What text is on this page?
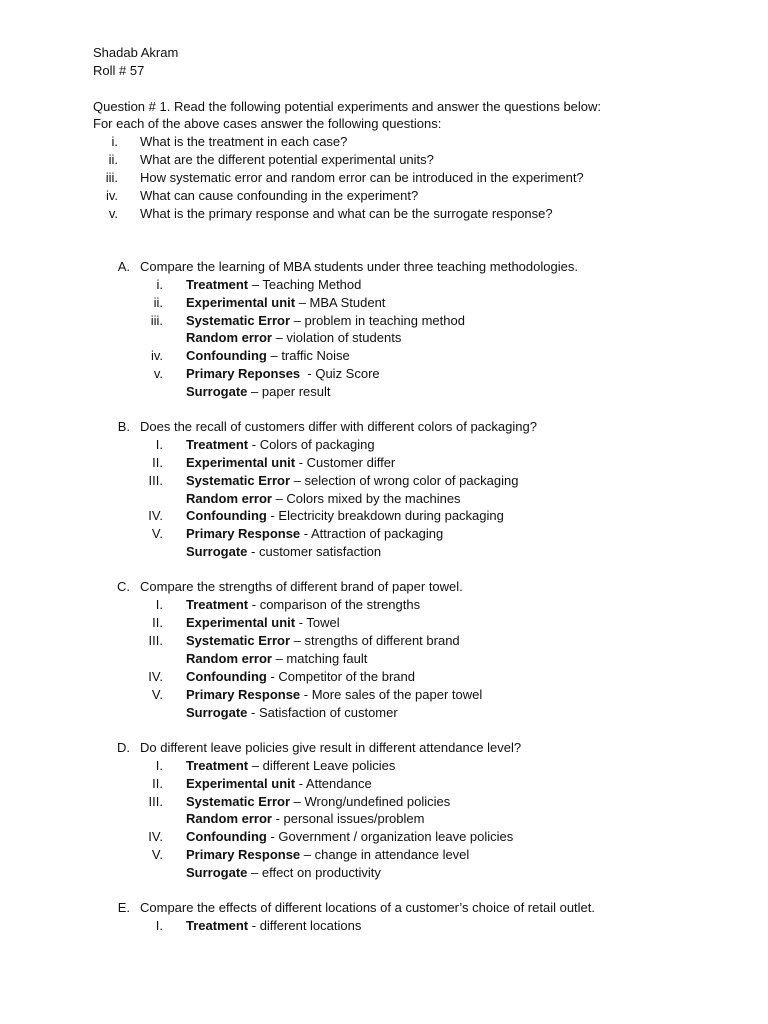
Shadab Akram
Roll # 57
Question # 1. Read the following potential experiments and answer the questions below:
For each of the above cases answer the following questions:
i. What is the treatment in each case?
ii. What are the different potential experimental units?
iii. How systematic error and random error can be introduced in the experiment?
iv. What can cause confounding in the experiment?
v. What is the primary response and what can be the surrogate response?
A. Compare the learning of MBA students under three teaching methodologies.
i. Treatment – Teaching Method
ii. Experimental unit – MBA Student
iii. Systematic Error – problem in teaching method
Random error – violation of students
iv. Confounding – traffic Noise
v. Primary Reponses  - Quiz Score
Surrogate – paper result
B. Does the recall of customers differ with different colors of packaging?
I. Treatment - Colors of packaging
II. Experimental unit - Customer differ
III. Systematic Error – selection of wrong color of packaging
Random error – Colors mixed by the machines
IV. Confounding - Electricity breakdown during packaging
V. Primary Response - Attraction of packaging
Surrogate - customer satisfaction
C. Compare the strengths of different brand of paper towel.
I. Treatment - comparison of the strengths
II. Experimental unit - Towel
III. Systematic Error – strengths of different brand
Random error – matching fault
IV. Confounding - Competitor of the brand
V. Primary Response - More sales of the paper towel
Surrogate - Satisfaction of customer
D. Do different leave policies give result in different attendance level?
I. Treatment – different Leave policies
II. Experimental unit - Attendance
III. Systematic Error – Wrong/undefined policies
Random error - personal issues/problem
IV. Confounding - Government / organization leave policies
V. Primary Response – change in attendance level
Surrogate – effect on productivity
E. Compare the effects of different locations of a customer’s choice of retail outlet.
I. Treatment - different locations
